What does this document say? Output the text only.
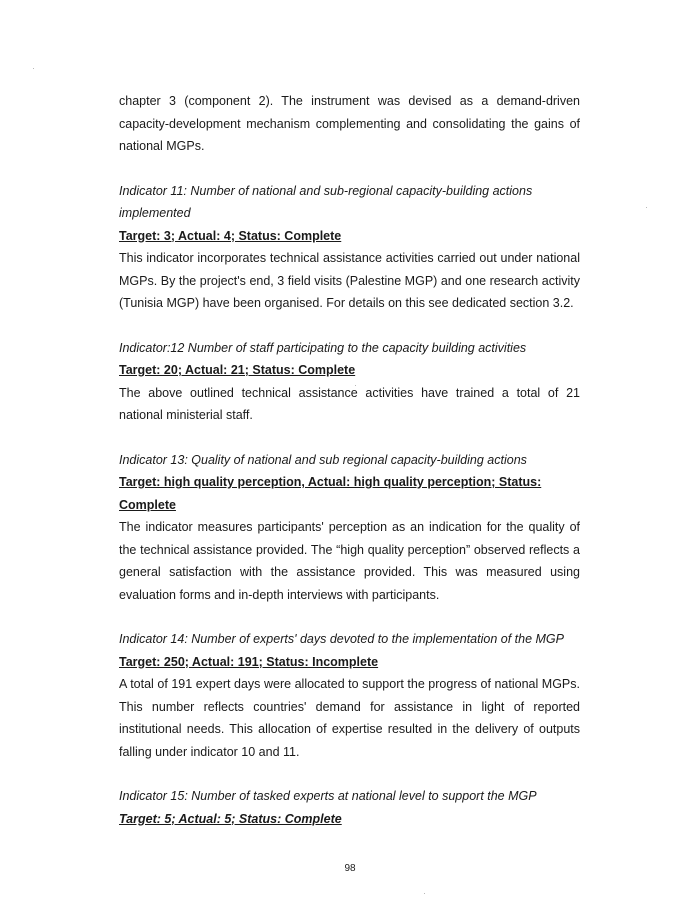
chapter 3 (component 2). The instrument was devised as a demand-driven capacity-development mechanism complementing and consolidating the gains of national MGPs.

Indicator 11: Number of national and sub-regional capacity-building actions implemented

Target: 3; Actual: 4; Status: Complete

This indicator incorporates technical assistance activities carried out under national MGPs. By the project's end, 3 field visits (Palestine MGP) and one research activity (Tunisia MGP) have been organised. For details on this see dedicated section 3.2.

Indicator:12 Number of staff participating to the capacity building activities

Target: 20; Actual: 21; Status: Complete

The above outlined technical assistance activities have trained a total of 21 national ministerial staff.

Indicator 13: Quality of national and sub regional capacity-building actions

Target: high quality perception, Actual: high quality perception; Status: Complete

The indicator measures participants' perception as an indication for the quality of the technical assistance provided. The “high quality perception” observed reflects a general satisfaction with the assistance provided. This was measured using evaluation forms and in-depth interviews with participants.

Indicator 14: Number of experts' days devoted to the implementation of the MGP

Target: 250; Actual: 191; Status: Incomplete

A total of 191 expert days were allocated to support the progress of national MGPs. This number reflects countries' demand for assistance in light of reported institutional needs. This allocation of expertise resulted in the delivery of outputs falling under indicator 10 and 11.

Indicator 15: Number of tasked experts at national level to support the MGP

Target: 5; Actual: 5; Status: Complete

98
